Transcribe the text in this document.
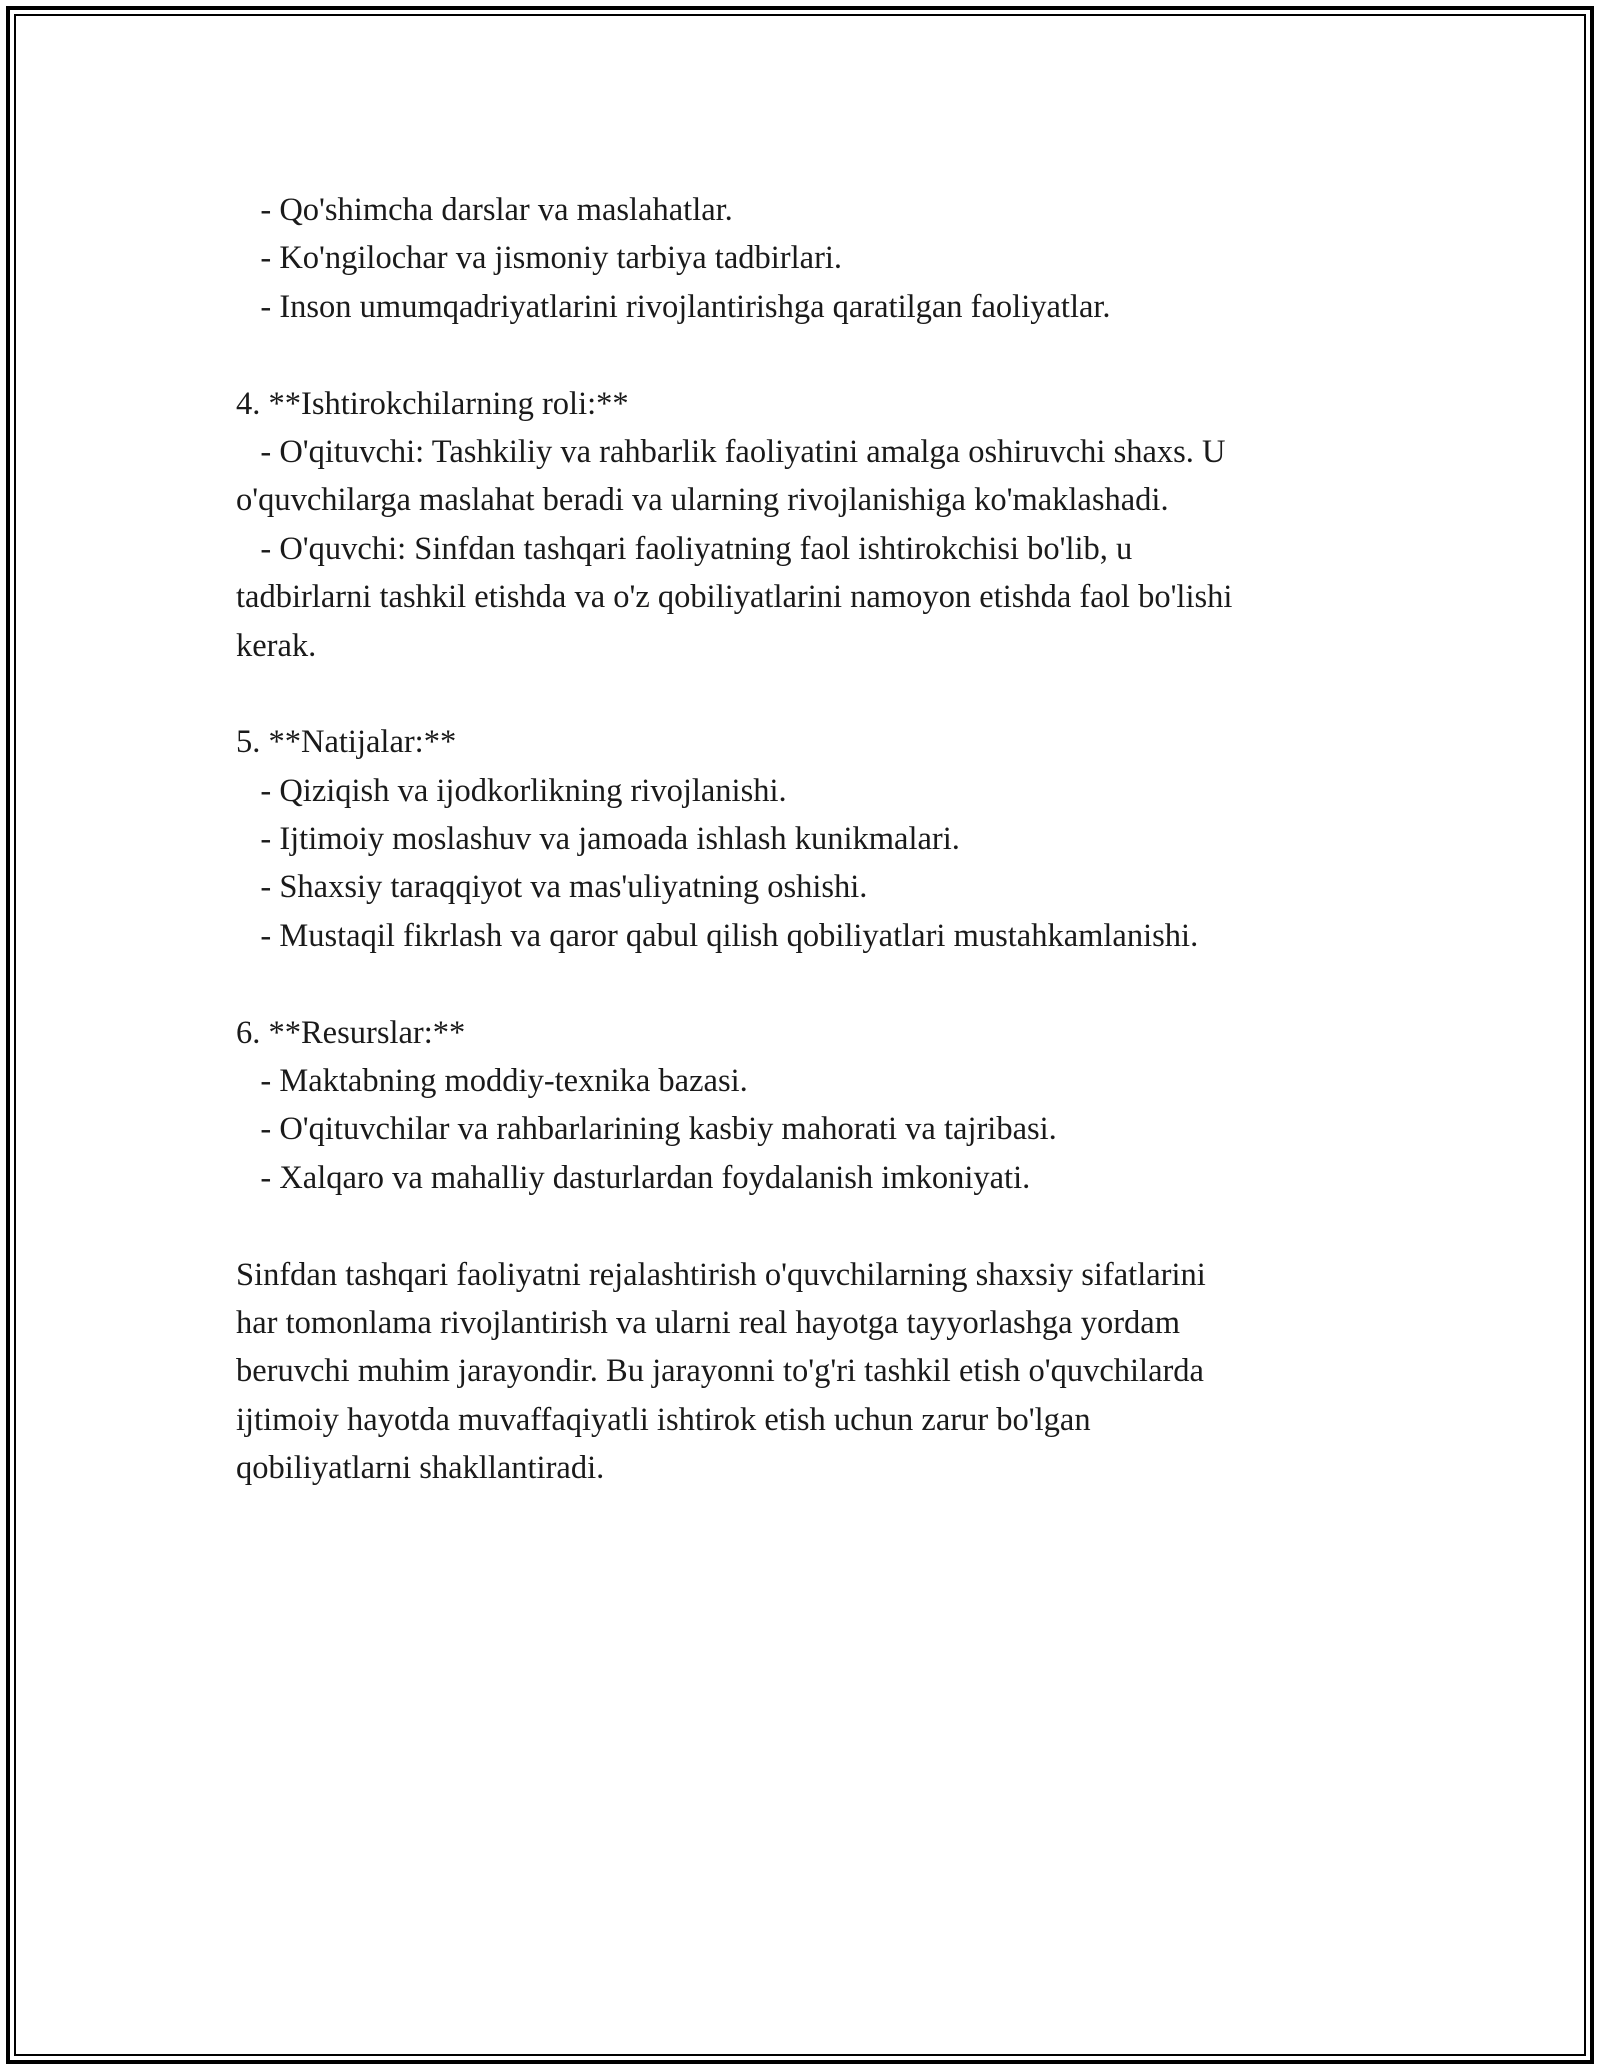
- Qo'shimcha darslar va maslahatlar.

- Ko'ngilochar va jismoniy tarbiya tadbirlari.

- Inson umumqadriyatlarini rivojlantirishga qaratilgan faoliyatlar.

4. **Ishtirokchilarning roli:**

- O'qituvchi: Tashkiliy va rahbarlik faoliyatini amalga oshiruvchi shaxs. U

o'quvchilarga maslahat beradi va ularning rivojlanishiga ko'maklashadi.

- O'quvchi: Sinfdan tashqari faoliyatning faol ishtirokchisi bo'lib, u

tadbirlarni tashkil etishda va o'z qobiliyatlarini namoyon etishda faol bo'lishi

kerak.

5. **Natijalar:**

- Qiziqish va ijodkorlikning rivojlanishi.

- Ijtimoiy moslashuv va jamoada ishlash kunikmalari.

- Shaxsiy taraqqiyot va mas'uliyatning oshishi.

- Mustaqil fikrlash va qaror qabul qilish qobiliyatlari mustahkamlanishi.

6. **Resurslar:**

- Maktabning moddiy-texnika bazasi.

- O'qituvchilar va rahbarlarining kasbiy mahorati va tajribasi.

- Xalqaro va mahalliy dasturlardan foydalanish imkoniyati.

Sinfdan tashqari faoliyatni rejalashtirish o'quvchilarning shaxsiy sifatlarini

har tomonlama rivojlantirish va ularni real hayotga tayyorlashga yordam

beruvchi muhim jarayondir. Bu jarayonni to'g'ri tashkil etish o'quvchilarda

ijtimoiy hayotda muvaffaqiyatli ishtirok etish uchun zarur bo'lgan

qobiliyatlarni shakllantiradi.
